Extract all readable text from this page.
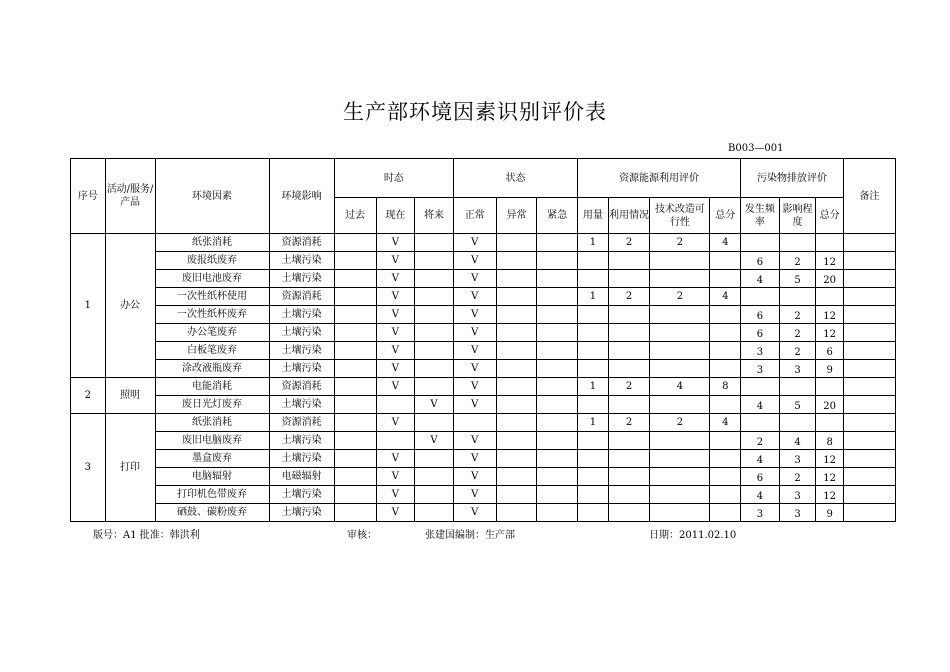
生产部环境因素识别评价表
B003—001
序号	活动/服务/产品	环境因素	环境影响	时态			状态			资源能源利用评价				污染物排放评价			备注
				过去	现在	将来	正常	异常	紧急	用量	利用情况	技术改造可行性	总分	发生频率	影响程度	总分	
1	办公	纸张消耗	资源消耗		V		V			1	2	2	4				
		废报纸废弃	土壤污染		V		V							6	2	12	
		废旧电池废弃	土壤污染		V		V							4	5	20	
		一次性纸杯使用	资源消耗		V		V			1	2	2	4				
		一次性纸杯废弃	土壤污染		V		V							6	2	12	
		办公笔废弃	土壤污染		V		V							6	2	12	
		白板笔废弃	土壤污染		V		V							3	2	6	
		涂改液瓶废弃	土壤污染		V		V							3	3	9	
2	照明	电能消耗	资源消耗		V		V			1	2	4	8				
		废日光灯废弃	土壤污染			V	V							4	5	20	
3	打印	纸张消耗	资源消耗		V					1	2	2	4				
		废旧电脑废弃	土壤污染			V	V							2	4	8	
		墨盒废弃	土壤污染		V		V							4	3	12	
		电脑辐射	电磁辐射		V		V							6	2	12	
		打印机色带废弃	土壤污染		V		V							4	3	12	
		硒鼓、碳粉废弃	土壤污染		V		V							3	3	9	
版号：A1 批准：韩洪利	审核：	张建国编制：生产部	日期：2011.02.10
